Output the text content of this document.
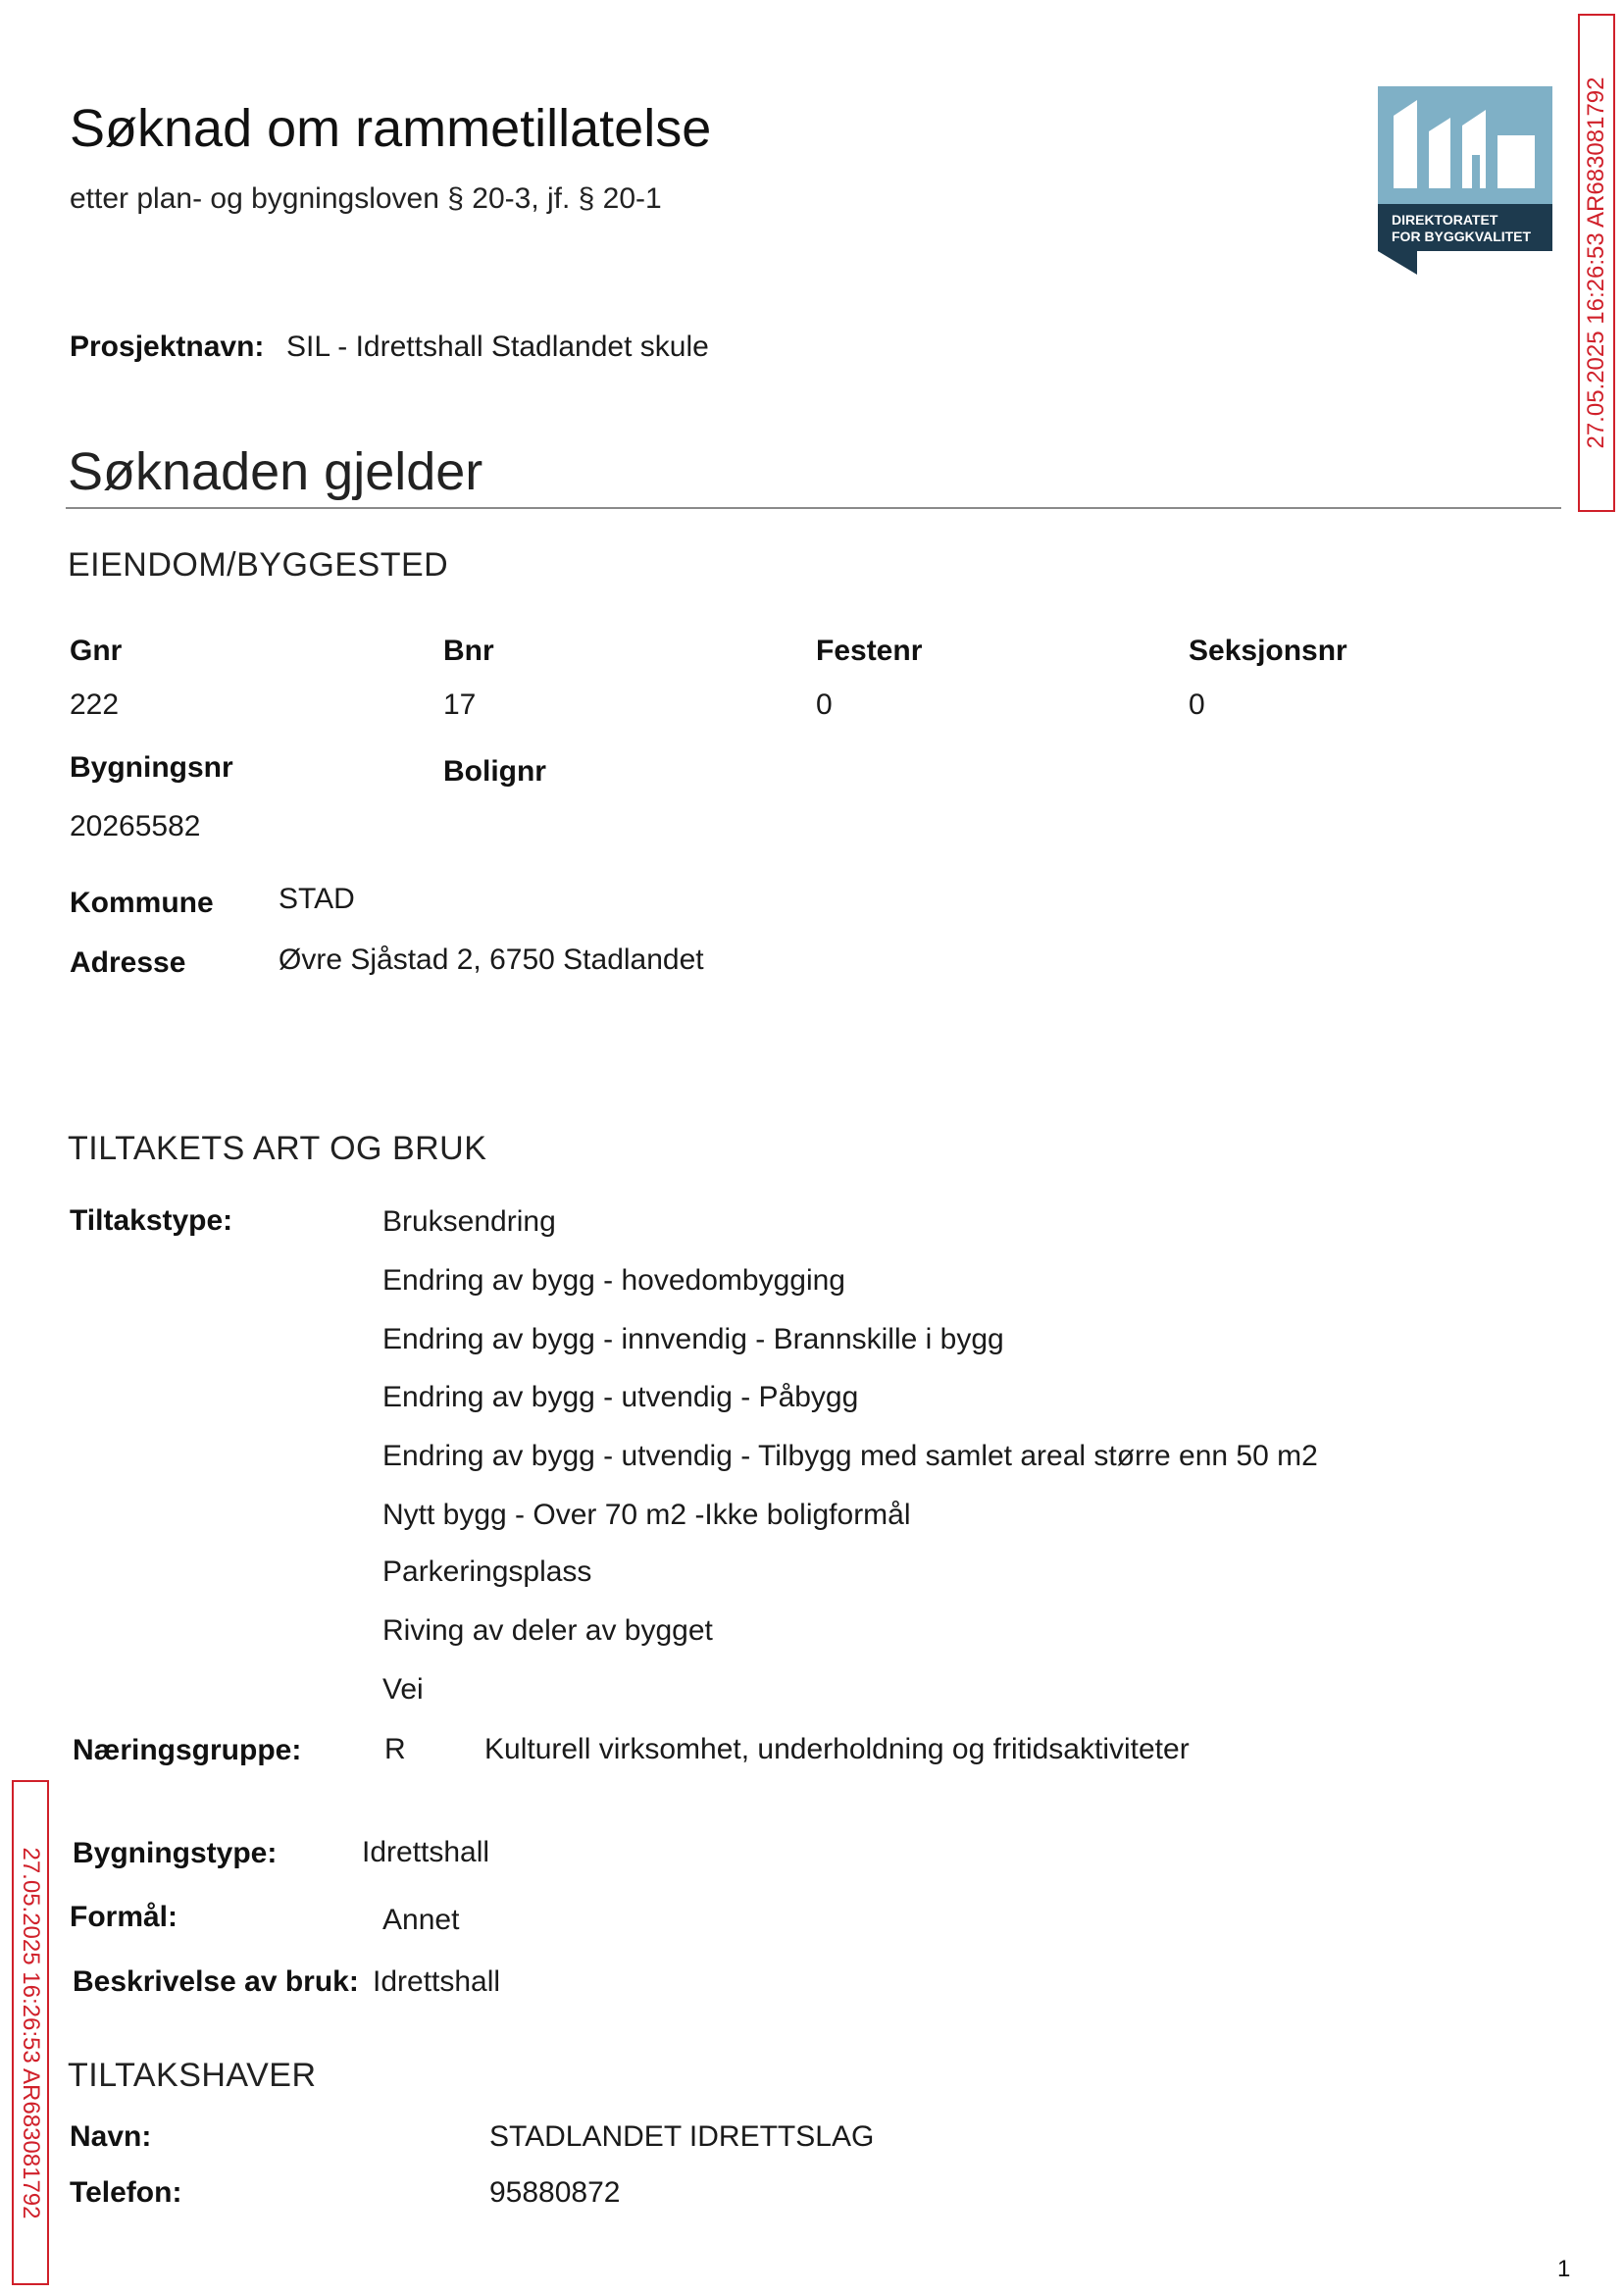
Søknad om rammetillatelse
etter plan- og bygningsloven § 20-3, jf. § 20-1
DIREKTORATET
FOR BYGGKVALITET 27.05.2025 16:26:53 AR683081792
Prosjektnavn: SIL - Idrettshall Stadlandet skule
Søknaden gjelder
EIENDOM/BYGGESTED
Gnr	Bnr	Festenr	Seksjonsnr
222	17	0	0
Bygningsnr	Bolignr
20265582
Kommune STAD
Adresse	Øvre Sjåstad 2, 6750 Stadlandet
TILTAKETS ART OG BRUK
Tiltakstype:	Bruksendring
Endring av bygg - hovedombygging
Endring av bygg - innvendig - Brannskille i bygg
Endring av bygg - utvendig - Påbygg
Endring av bygg - utvendig - Tilbygg med samlet areal større enn 50 m2
Nytt bygg - Over 70 m2 -Ikke boligformål
Parkeringsplass
Riving av deler av bygget
Vei
Næringsgruppe:	R	Kulturell virksomhet, underholdning og fritidsaktiviteter
27.05.2025 16:26:53 AR683081792 Bygningstype:	Idrettshall
Formål:	Annet
Beskrivelse av bruk: Idrettshall
TILTAKSHAVER
Navn:	STADLANDET IDRETTSLAG
Telefon:	95880872
1
